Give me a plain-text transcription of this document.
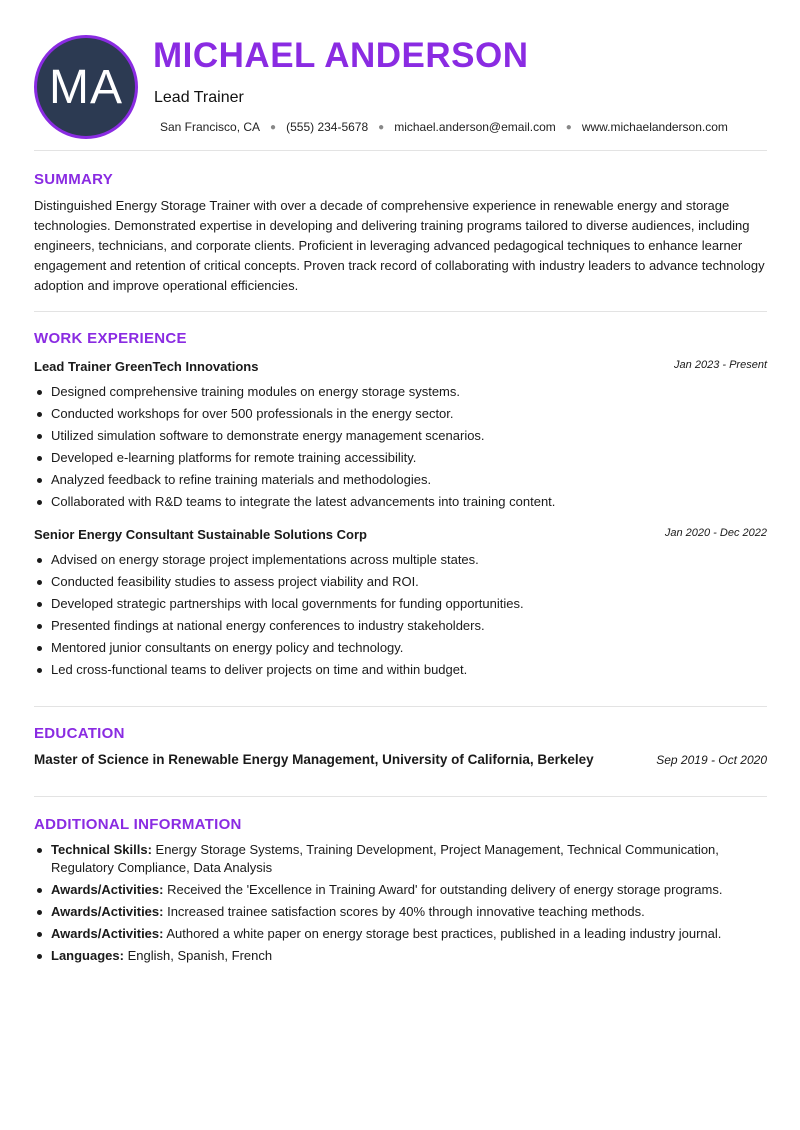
MA
MICHAEL ANDERSON
Lead Trainer
San Francisco, CA ● (555) 234-5678 ● michael.anderson@email.com ● www.michaelanderson.com
SUMMARY

Distinguished Energy Storage Trainer with over a decade of comprehensive experience in renewable energy and storage technologies. Demonstrated expertise in developing and delivering training programs tailored to diverse audiences, including engineers, technicians, and corporate clients. Proficient in leveraging advanced pedagogical techniques to enhance learner engagement and retention of critical concepts. Proven track record of collaborating with industry leaders to advance technology adoption and improve operational efficiencies.

WORK EXPERIENCE
Lead Trainer GreenTech Innovations	Jan 2023 - Present
Designed comprehensive training modules on energy storage systems.
Conducted workshops for over 500 professionals in the energy sector.
Utilized simulation software to demonstrate energy management scenarios.
Developed e-learning platforms for remote training accessibility.
Analyzed feedback to refine training materials and methodologies.
Collaborated with R&D teams to integrate the latest advancements into training content.
Senior Energy Consultant Sustainable Solutions Corp	Jan 2020 - Dec 2022
Advised on energy storage project implementations across multiple states.
Conducted feasibility studies to assess project viability and ROI.
Developed strategic partnerships with local governments for funding opportunities.
Presented findings at national energy conferences to industry stakeholders.
Mentored junior consultants on energy policy and technology.
Led cross-functional teams to deliver projects on time and within budget.
EDUCATION
Master of Science in Renewable Energy Management, University of California, Berkeley	Sep 2019 - Oct 2020
ADDITIONAL INFORMATION
Technical Skills: Energy Storage Systems, Training Development, Project Management, Technical Communication, Regulatory Compliance, Data Analysis
Awards/Activities: Received the 'Excellence in Training Award' for outstanding delivery of energy storage programs.
Awards/Activities: Increased trainee satisfaction scores by 40% through innovative teaching methods.
Awards/Activities: Authored a white paper on energy storage best practices, published in a leading industry journal.
Languages: English, Spanish, French
